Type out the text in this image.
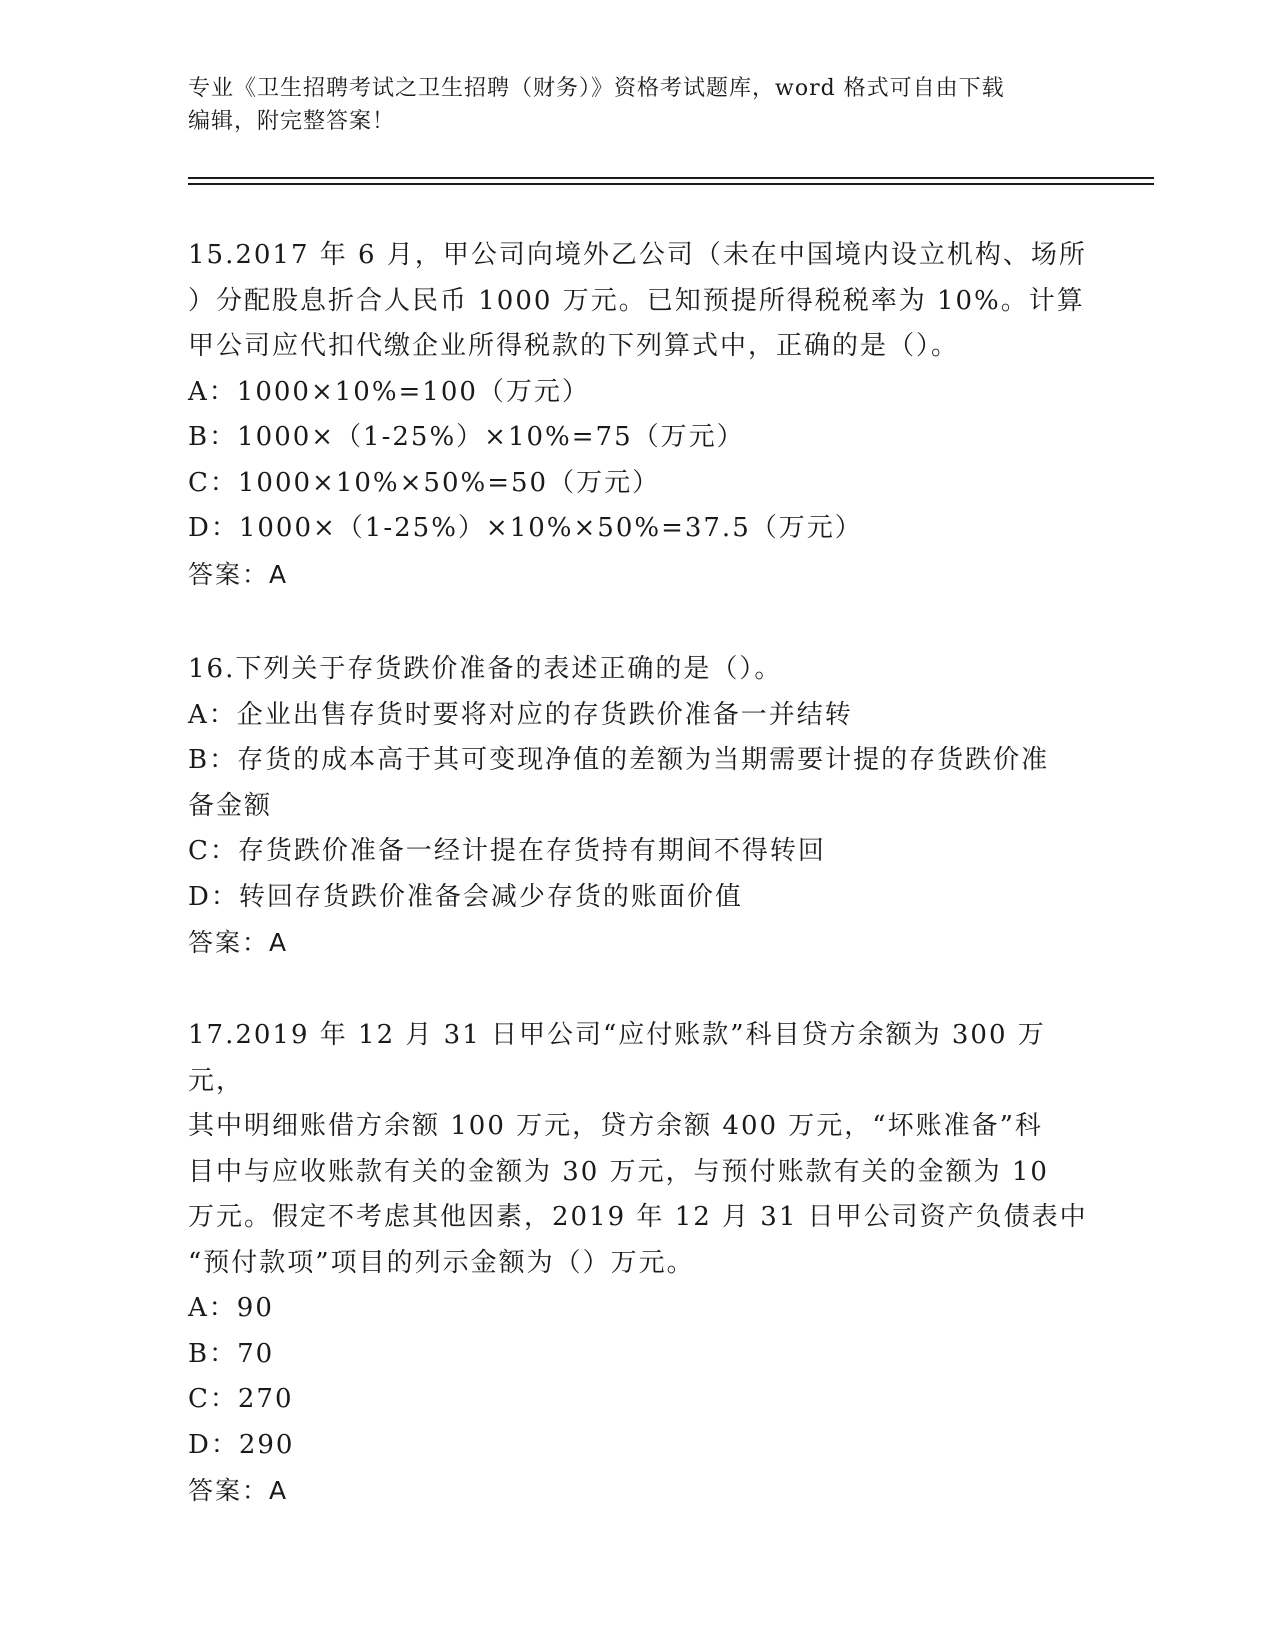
专业《卫生招聘考试之卫生招聘（财务）》资格考试题库，word 格式可自由下载
编辑，附完整答案！

15.2017 年 6 月，甲公司向境外乙公司（未在中国境内设立机构、场所

）分配股息折合人民币 1000 万元。已知预提所得税税率为 10%。计算

甲公司应代扣代缴企业所得税款的下列算式中，正确的是（）。

A：1000×10%=100（万元）

B：1000×（1-25%）×10%=75（万元）

C：1000×10%×50%=50（万元）

D：1000×（1-25%）×10%×50%=37.5（万元）

答案：A

16.下列关于存货跌价准备的表述正确的是（）。

A：企业出售存货时要将对应的存货跌价准备一并结转

B：存货的成本高于其可变现净值的差额为当期需要计提的存货跌价准

备金额

C：存货跌价准备一经计提在存货持有期间不得转回

D：转回存货跌价准备会减少存货的账面价值

答案：A

17.2019 年 12 月 31 日甲公司“应付账款”科目贷方余额为 300 万元，

其中明细账借方余额 100 万元，贷方余额 400 万元，“坏账准备”科

目中与应收账款有关的金额为 30 万元，与预付账款有关的金额为 10

万元。假定不考虑其他因素，2019 年 12 月 31 日甲公司资产负债表中

“预付款项”项目的列示金额为（）万元。

A：90

B：70

C：270

D：290

答案：A
